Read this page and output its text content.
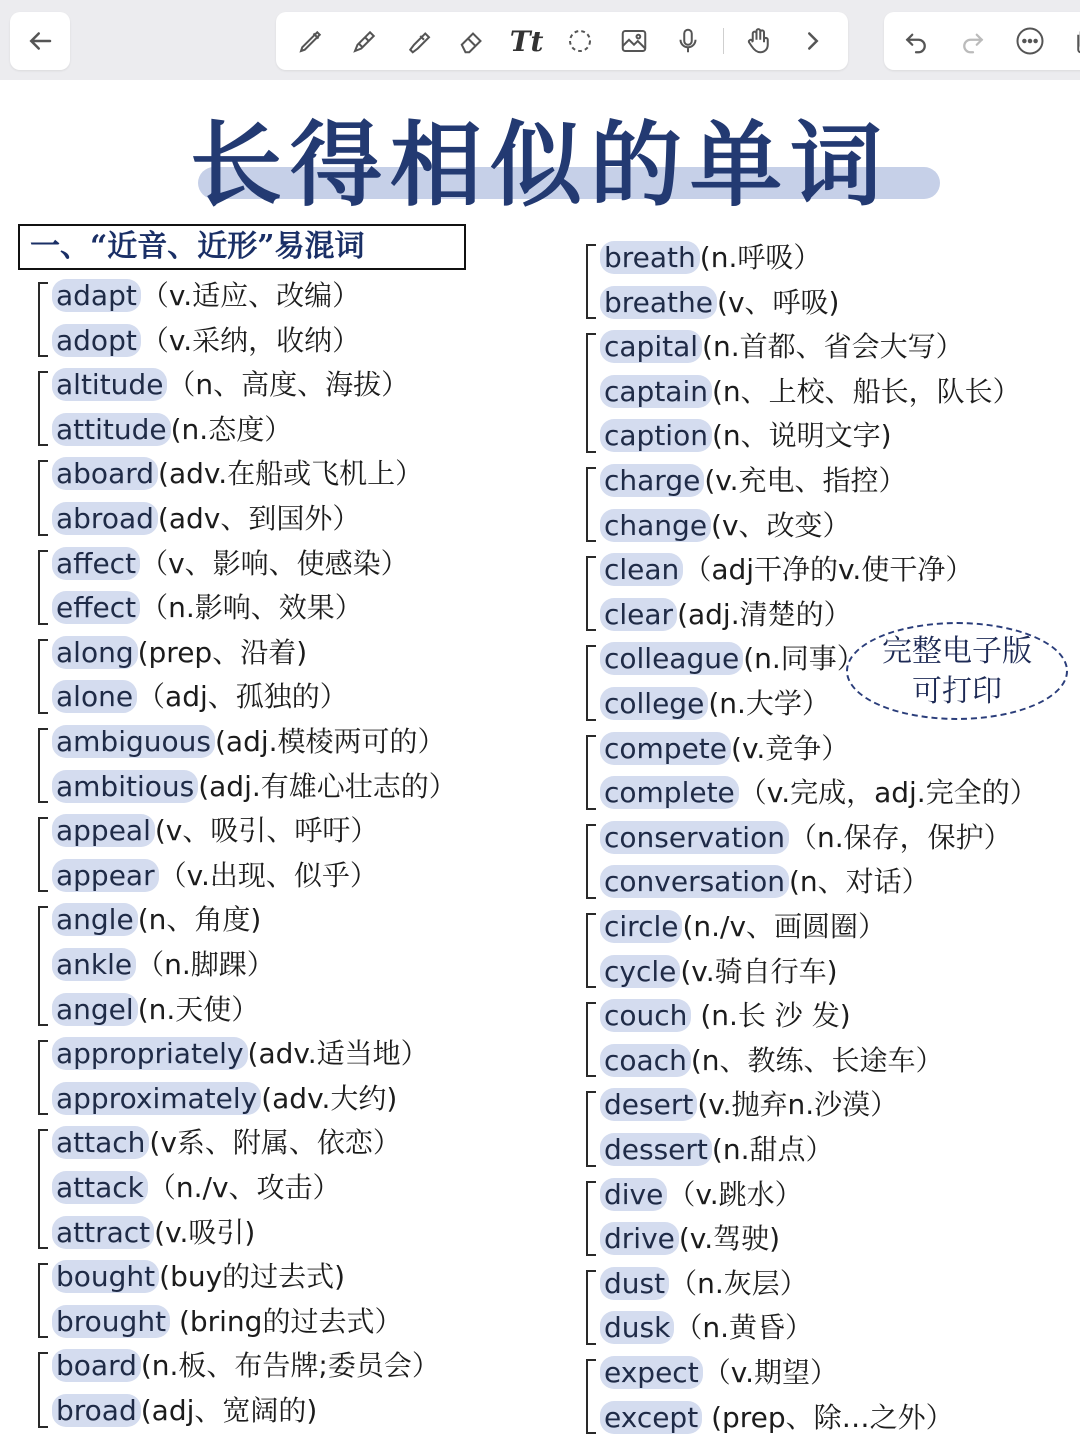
Tt
长得相似的单词
一、“近音、近形”易混词
adapt （v.适应、改编）
adopt （v.采纳，收纳）
altitude （n、高度、海拔）
attitude (n.态度）
aboard (adv.在船或飞机上）
abroad (adv、到国外）
affect （v、影响、使感染）
effect （n.影响、效果）
along (prep、沿着)
alone （adj、孤独的）
ambiguous (adj.模棱两可的）
ambitious (adj.有雄心壮志的）
appeal (v、吸引、呼吁）
appear （v.出现、似乎）
angle (n、角度)
ankle （n.脚踝）
angel (n.天使）
appropriately (adv.适当地）
approximately (adv.大约)
attach (v系、附属、依恋）
attack （n./v、攻击）
attract (v.吸引)
bought (buy的过去式)
brought (bring的过去式）
board (n.板、布告牌;委员会）
broad (adj、宽阔的)
breath (n.呼吸）
breathe (v、呼吸)
capital (n.首都、省会大写）
captain (n、上校、船长，队长）
caption (n、说明文字)
charge (v.充电、指控）
change (v、改变）
clean （adj干净的v.使干净）
clear (adj.清楚的）
colleague (n.同事）
college (n.大学）
compete (v.竞争）
complete （v.完成，adj.完全的）
conservation （n.保存，保护）
conversation (n、对话）
circle (n./v、画圆圈）
cycle (v.骑自行车)
couch (n.长 沙 发)
coach (n、教练、长途车）
desert (v.抛弃n.沙漠）
dessert (n.甜点）
dive （v.跳水）
drive (v.驾驶)
dust （n.灰层）
dusk （n.黄昏）
expect （v.期望）
except (prep、除…之外）
完整电子版
可打印
